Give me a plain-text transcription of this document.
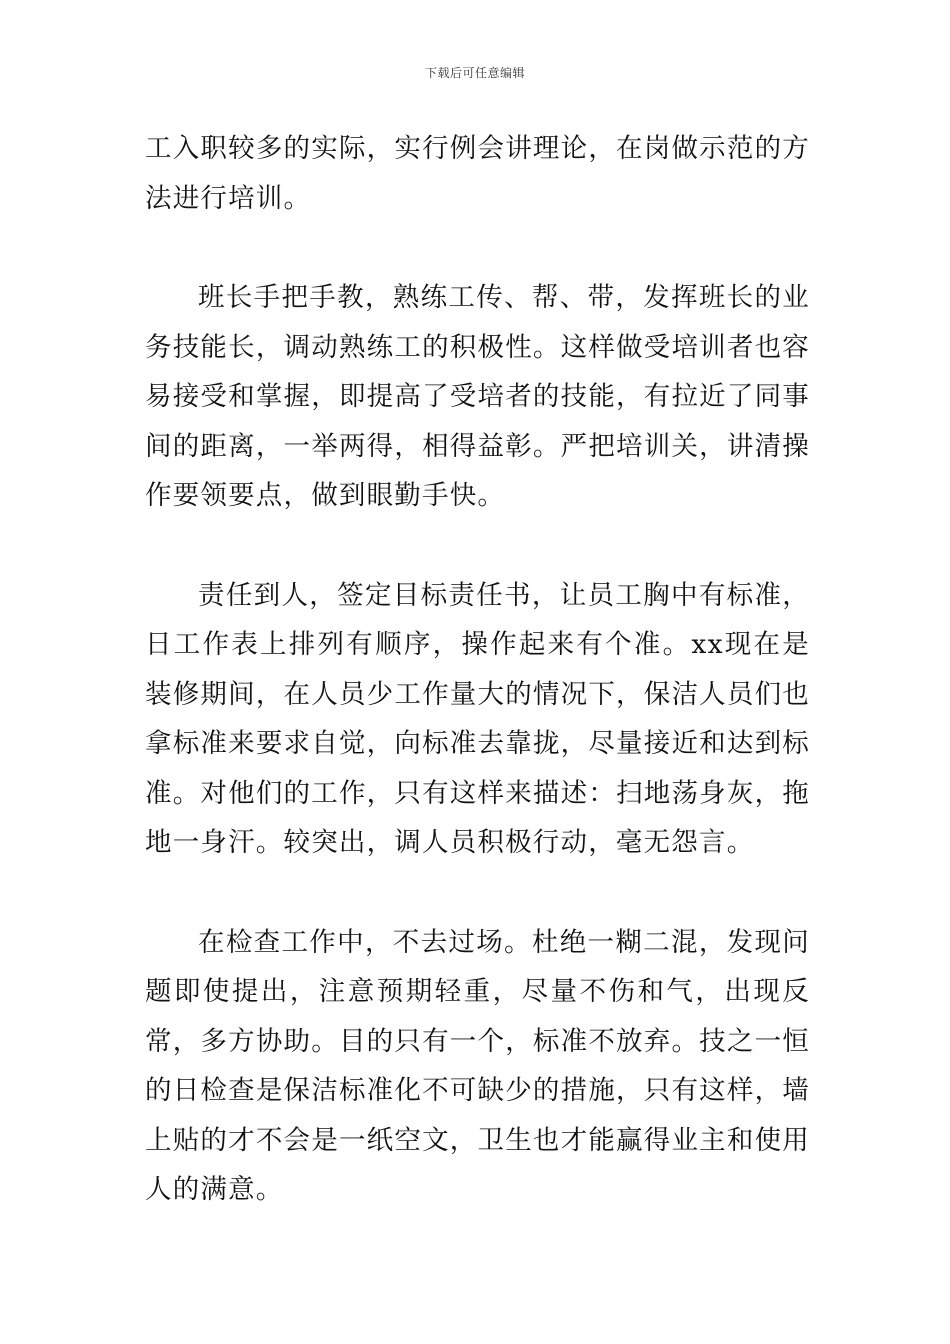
下载后可任意编辑

工入职较多的实际，实行例会讲理论，在岗做示范的方法进行培训。

班长手把手教，熟练工传、帮、带，发挥班长的业务技能长，调动熟练工的积极性。这样做受培训者也容易接受和掌握，即提高了受培者的技能，有拉近了同事间的距离，一举两得，相得益彰。严把培训关，讲清操作要领要点，做到眼勤手快。

责任到人，签定目标责任书，让员工胸中有标准，日工作表上排列有顺序，操作起来有个准。xx现在是装修期间，在人员少工作量大的情况下，保洁人员们也拿标准来要求自觉，向标准去靠拢，尽量接近和达到标准。对他们的工作，只有这样来描述：扫地荡身灰，拖地一身汗。较突出，调人员积极行动，毫无怨言。

在检查工作中，不去过场。杜绝一糊二混，发现问题即使提出，注意预期轻重，尽量不伤和气，出现反常，多方协助。目的只有一个，标准不放弃。技之一恒的日检查是保洁标准化不可缺少的措施，只有这样，墙上贴的才不会是一纸空文，卫生也才能赢得业主和使用人的满意。
